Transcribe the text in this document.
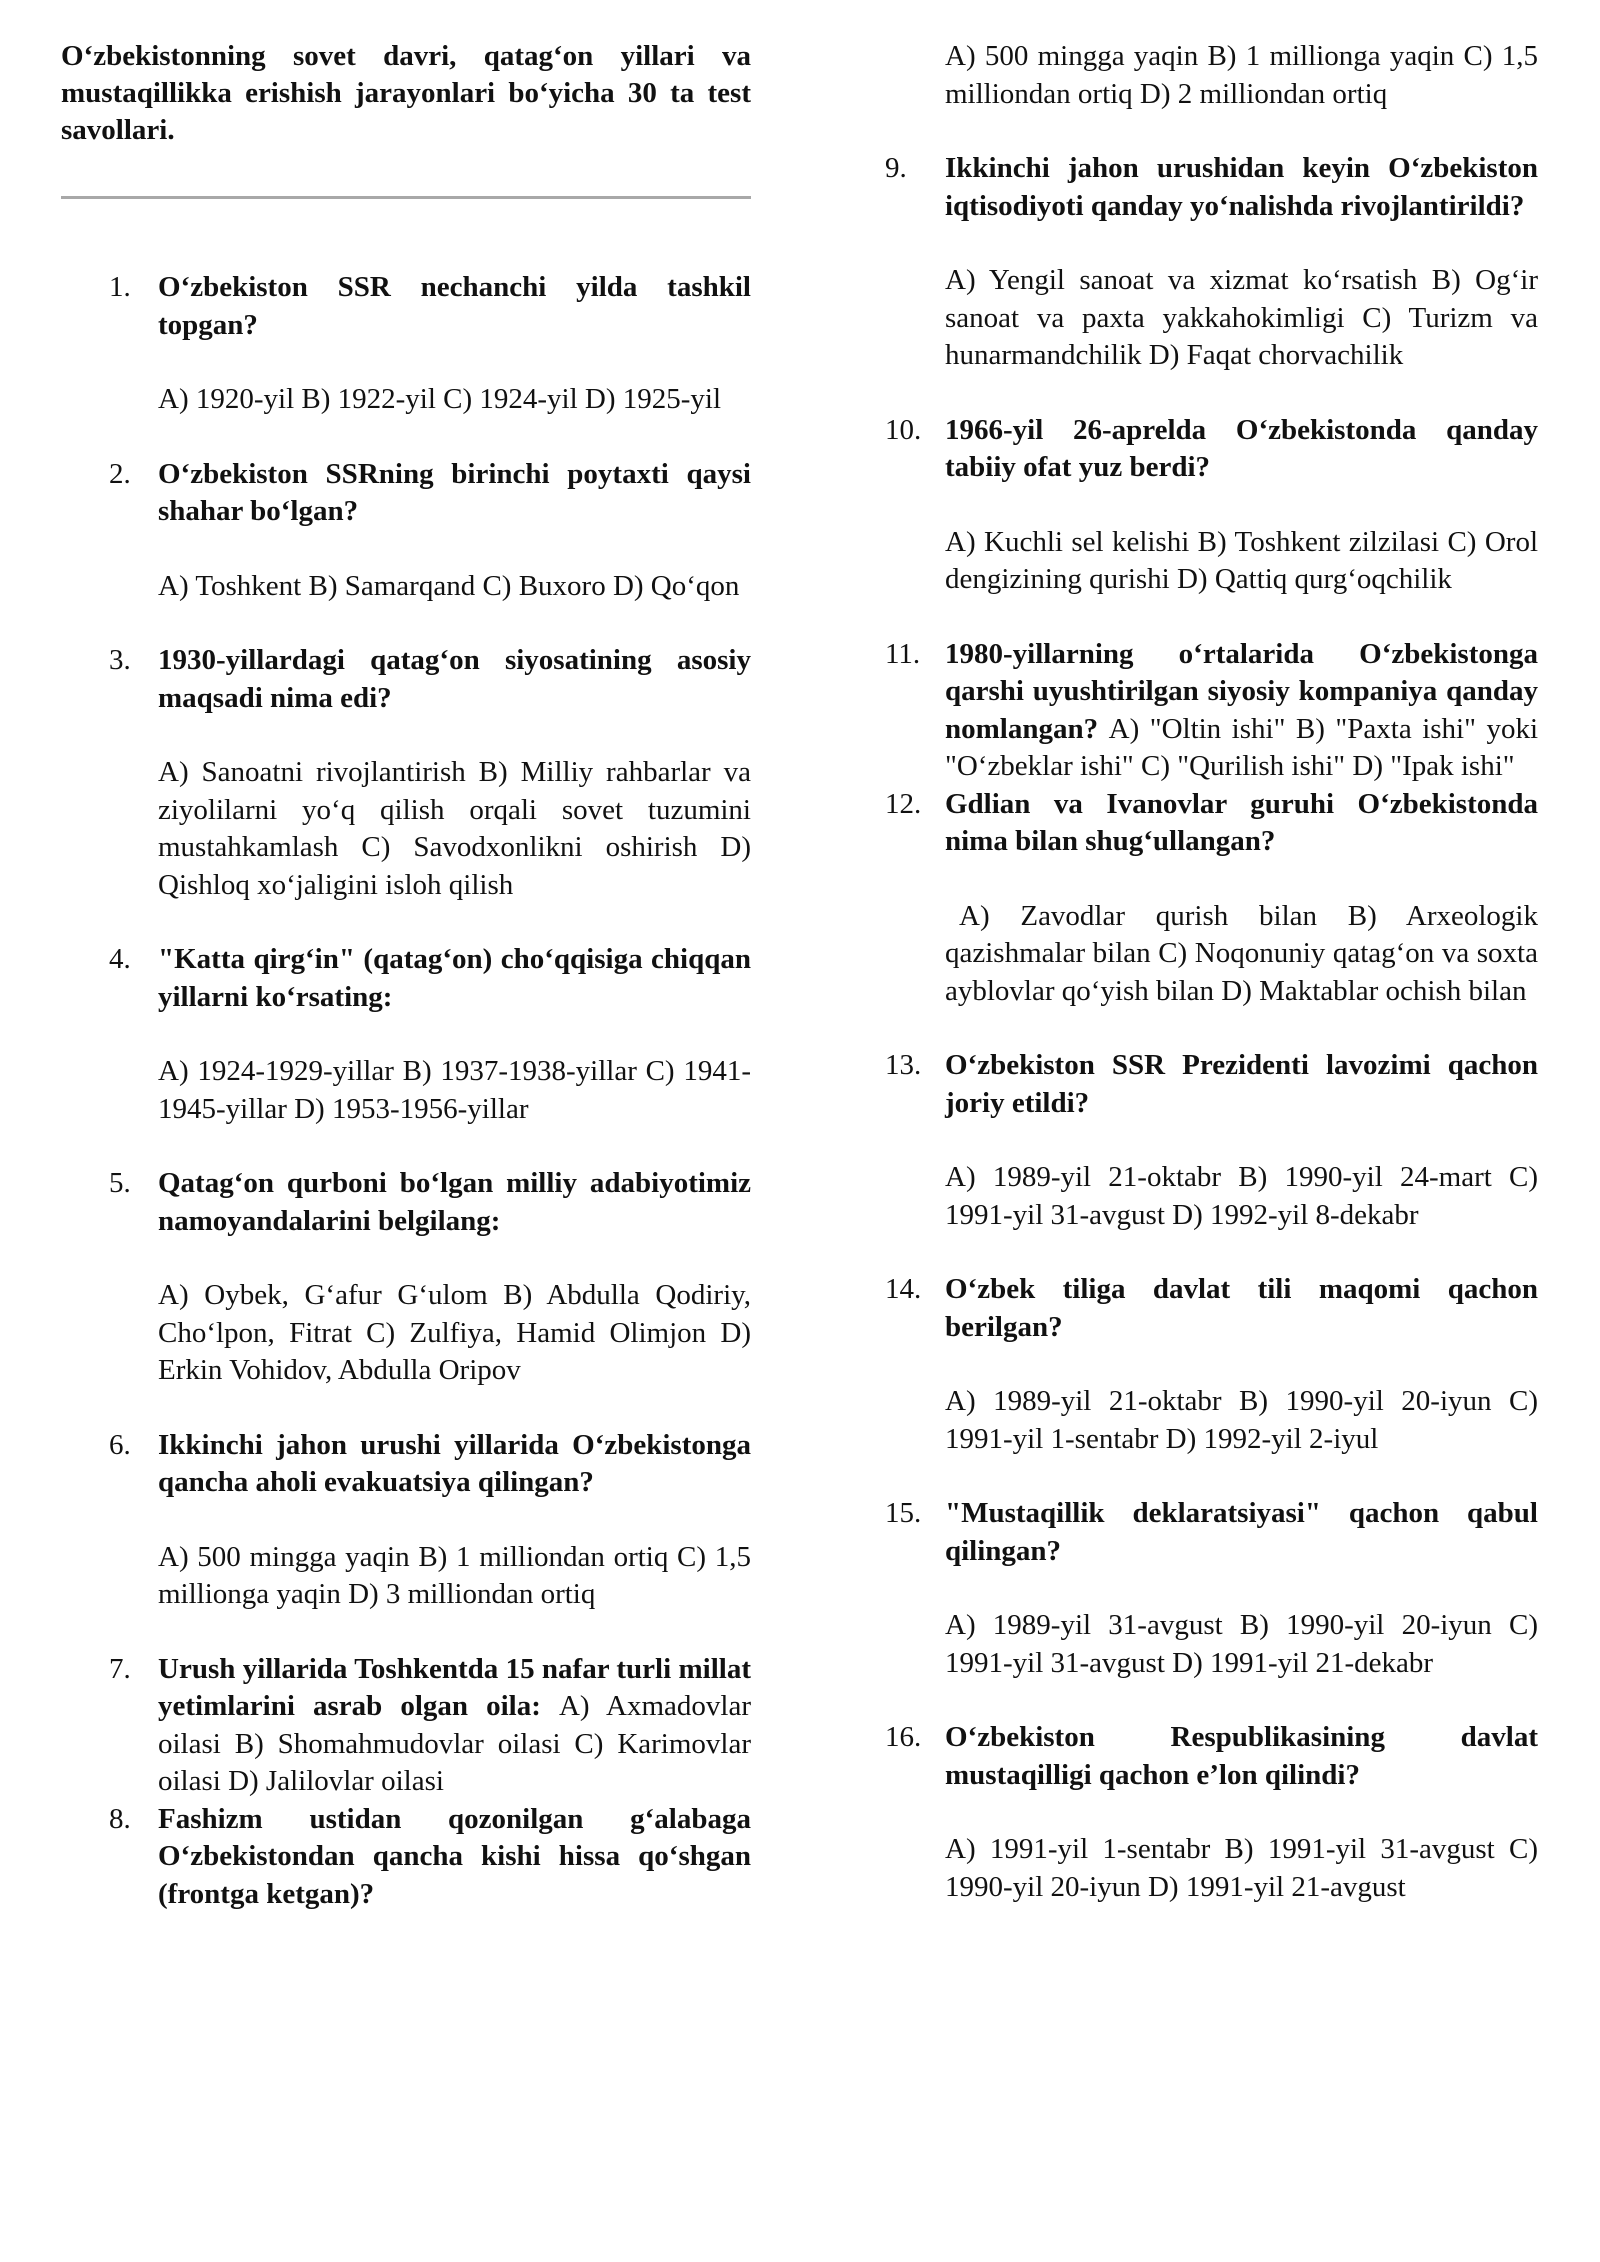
O‘zbekistonning sovet davri, qatag‘on yillari va mustaqillikka erishish jarayonlari bo‘yicha 30 ta test savollari.

1. O‘zbekiston SSR nechanchi yilda tashkil topgan?

A) 1920-yil B) 1922-yil C) 1924-yil D) 1925-yil

2. O‘zbekiston SSRning birinchi poytaxti qaysi shahar bo‘lgan?

A) Toshkent B) Samarqand C) Buxoro D) Qo‘qon

3. 1930-yillardagi qatag‘on siyosatining asosiy maqsadi nima edi?

A) Sanoatni rivojlantirish B) Milliy rahbarlar va ziyolilarni yo‘q qilish orqali sovet tuzumini mustahkamlash C) Savodxonlikni oshirish D) Qishloq xo‘jaligini isloh qilish

4. "Katta qirg‘in" (qatag‘on) cho‘qqisiga chiqqan yillarni ko‘rsating:

A) 1924-1929-yillar B) 1937-1938-yillar C) 1941-1945-yillar D) 1953-1956-yillar

5. Qatag‘on qurboni bo‘lgan milliy adabiyotimiz namoyandalarini belgilang:

A) Oybek, G‘afur G‘ulom B) Abdulla Qodiriy, Cho‘lpon, Fitrat C) Zulfiya, Hamid Olimjon D) Erkin Vohidov, Abdulla Oripov

6. Ikkinchi jahon urushi yillarida O‘zbekistonga qancha aholi evakuatsiya qilingan?

A) 500 mingga yaqin B) 1 milliondan ortiq C) 1,5 millionga yaqin D) 3 milliondan ortiq

7. Urush yillarida Toshkentda 15 nafar turli millat yetimlarini asrab olgan oila: A) Axmadovlar oilasi B) Shomahmudovlar oilasi C) Karimovlar oilasi D) Jalilovlar oilasi

8. Fashizm ustidan qozonilgan g‘alabaga O‘zbekistondan qancha kishi hissa qo‘shgan (frontga ketgan)?

A) 500 mingga yaqin B) 1 millionga yaqin C) 1,5 milliondan ortiq D) 2 milliondan ortiq

9. Ikkinchi jahon urushidan keyin O‘zbekiston iqtisodiyoti qanday yo‘nalishda rivojlantirildi?

A) Yengil sanoat va xizmat ko‘rsatish B) Og‘ir sanoat va paxta yakkahokimligi C) Turizm va hunarmandchilik D) Faqat chorvachilik

10. 1966-yil 26-aprelda O‘zbekistonda qanday tabiiy ofat yuz berdi?

A) Kuchli sel kelishi B) Toshkent zilzilasi C) Orol dengizining qurishi D) Qattiq qurg‘oqchilik

11. 1980-yillarning o‘rtalarida O‘zbekistonga qarshi uyushtirilgan siyosiy kompaniya qanday nomlangan? A) "Oltin ishi" B) "Paxta ishi" yoki "O‘zbeklar ishi" C) "Qurilish ishi" D) "Ipak ishi"

12. Gdlian va Ivanovlar guruhi O‘zbekistonda nima bilan shug‘ullangan?

A) Zavodlar qurish bilan B) Arxeologik qazishmalar bilan C) Noqonuniy qatag‘on va soxta ayblovlar qo‘yish bilan D) Maktablar ochish bilan

13. O‘zbekiston SSR Prezidenti lavozimi qachon joriy etildi?

A) 1989-yil 21-oktabr B) 1990-yil 24-mart C) 1991-yil 31-avgust D) 1992-yil 8-dekabr

14. O‘zbek tiliga davlat tili maqomi qachon berilgan?

A) 1989-yil 21-oktabr B) 1990-yil 20-iyun C) 1991-yil 1-sentabr D) 1992-yil 2-iyul

15. "Mustaqillik deklaratsiyasi" qachon qabul qilingan?

A) 1989-yil 31-avgust B) 1990-yil 20-iyun C) 1991-yil 31-avgust D) 1991-yil 21-dekabr

16. O‘zbekiston Respublikasining davlat mustaqilligi qachon e’lon qilindi?

A) 1991-yil 1-sentabr B) 1991-yil 31-avgust C) 1990-yil 20-iyun D) 1991-yil 21-avgust
